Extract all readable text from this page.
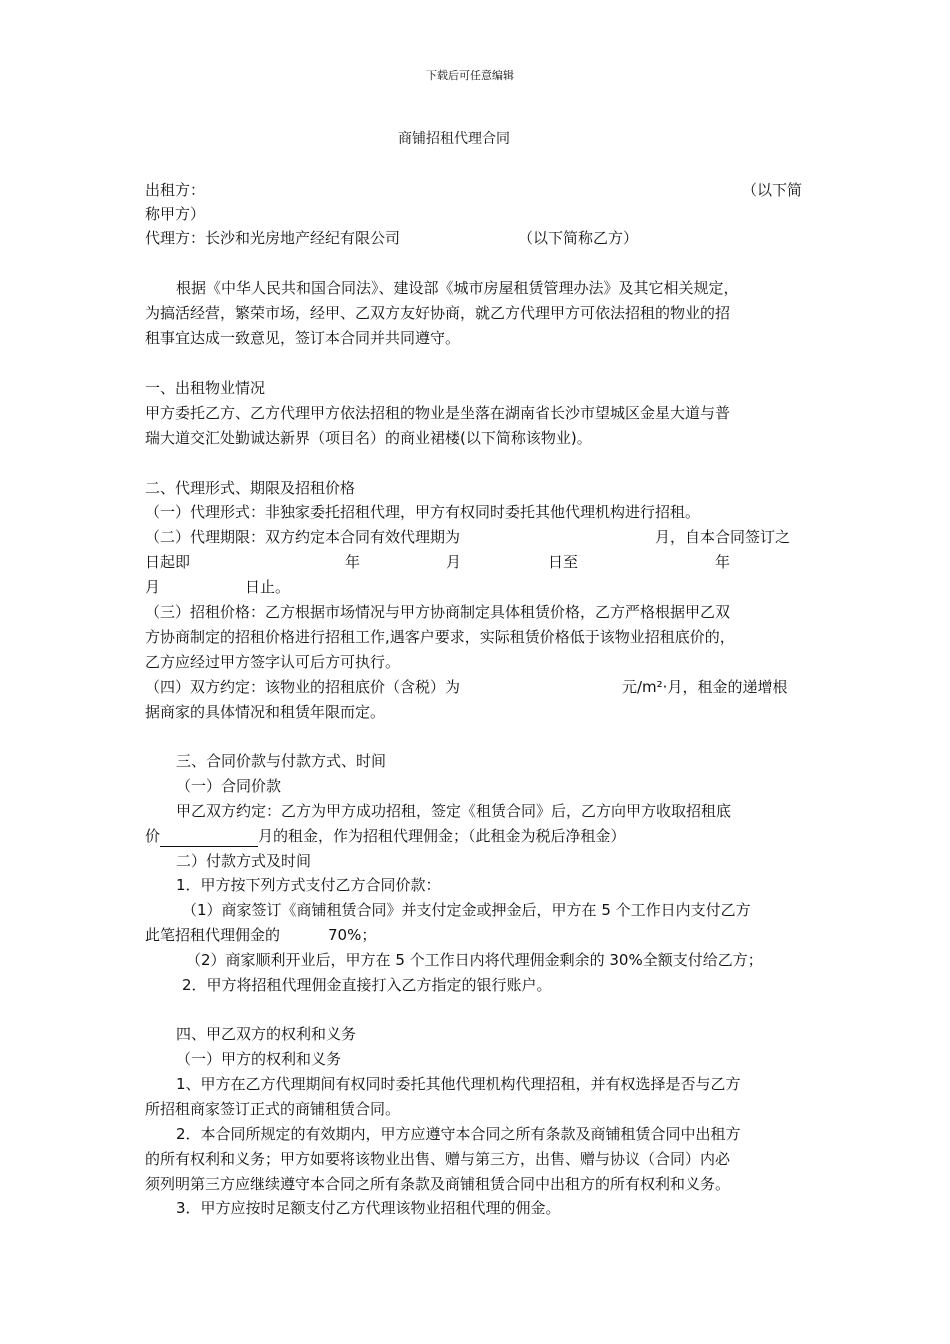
下载后可任意编辑
商铺招租代理合同
出租方：	（以下简
称甲方）
代理方：长沙和光房地产经纪有限公司	（以下简称乙方）
根据《中华人民共和国合同法》、建设部《城市房屋租赁管理办法》及其它相关规定，
为搞活经营，繁荣市场，经甲、乙双方友好协商，就乙方代理甲方可依法招租的物业的招
租事宜达成一致意见，签订本合同并共同遵守。
一、出租物业情况
甲方委托乙方、乙方代理甲方依法招租的物业是坐落在湖南省长沙市望城区金星大道与普
瑞大道交汇处勤诚达新界（项目名）的商业裙楼(以下简称该物业)。
二、代理形式、期限及招租价格
（一）代理形式：非独家委托招租代理，甲方有权同时委托其他代理机构进行招租。
（二）代理期限：双方约定本合同有效代理期为	月，自本合同签订之
日起即	年	月	日至	年
月	日止。
（三）招租价格：乙方根据市场情况与甲方协商制定具体租赁价格，乙方严格根据甲乙双
方协商制定的招租价格进行招租工作,遇客户要求，实际租赁价格低于该物业招租底价的，
乙方应经过甲方签字认可后方可执行。
（四）双方约定：该物业的招租底价（含税）为	元/m²·月，租金的递增根
据商家的具体情况和租赁年限而定。
三、合同价款与付款方式、时间
（一）合同价款
甲乙双方约定：乙方为甲方成功招租，签定《租赁合同》后，乙方向甲方收取招租底
价	月的租金，作为招租代理佣金；（此租金为税后净租金）
二）付款方式及时间
1．甲方按下列方式支付乙方合同价款：
（1）商家签订《商铺租赁合同》并支付定金或押金后，甲方在 5 个工作日内支付乙方
此笔招租代理佣金的	70%；
（2）商家顺利开业后，甲方在 5 个工作日内将代理佣金剩余的 30%全额支付给乙方；
2．甲方将招租代理佣金直接打入乙方指定的银行账户。
四、甲乙双方的权利和义务
（一）甲方的权利和义务
1、甲方在乙方代理期间有权同时委托其他代理机构代理招租，并有权选择是否与乙方
所招租商家签订正式的商铺租赁合同。
2．本合同所规定的有效期内，甲方应遵守本合同之所有条款及商铺租赁合同中出租方
的所有权利和义务；甲方如要将该物业出售、赠与第三方，出售、赠与协议（合同）内必
须列明第三方应继续遵守本合同之所有条款及商铺租赁合同中出租方的所有权利和义务。
3．甲方应按时足额支付乙方代理该物业招租代理的佣金。
